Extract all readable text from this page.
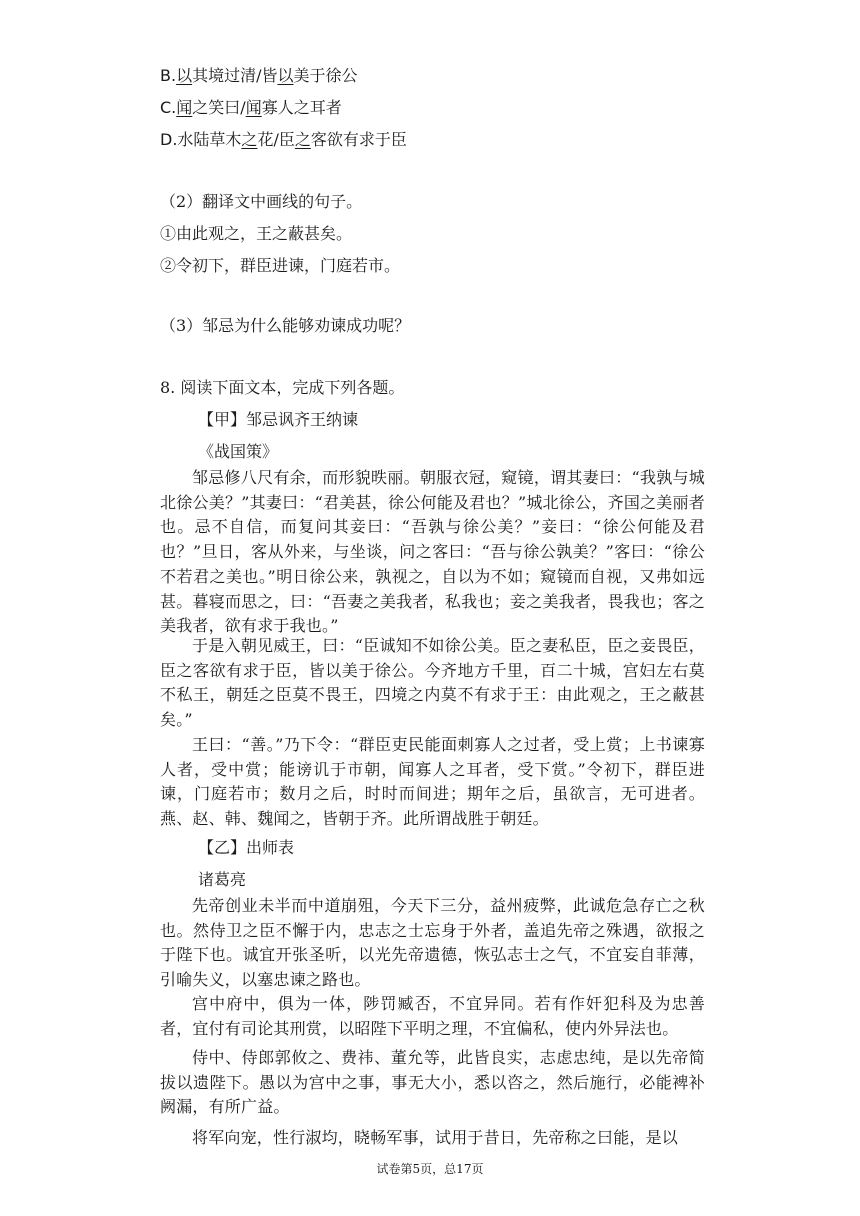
B.以其境过清/皆以美于徐公
C.闻之笑曰/闻寡人之耳者
D.水陆草木之花/臣之客欲有求于臣
（2）翻译文中画线的句子。
①由此观之，王之蔽甚矣。
②令初下，群臣进谏，门庭若市。
（3）邹忌为什么能够劝谏成功呢？
8. 阅读下面文本，完成下列各题。
【甲】邹忌讽齐王纳谏
《战国策》
邹忌修八尺有余，而形貌昳丽。朝服衣冠，窥镜，谓其妻曰：“我孰与城北徐公美？”其妻曰：“君美甚，徐公何能及君也？”城北徐公，齐国之美丽者也。忌不自信，而复问其妾曰：“吾孰与徐公美？”妾曰：“徐公何能及君也？”旦日，客从外来，与坐谈，问之客曰：“吾与徐公孰美？”客曰：“徐公不若君之美也。”明日徐公来，孰视之，自以为不如；窥镜而自视，又弗如远甚。暮寝而思之，曰：“吾妻之美我者，私我也；妾之美我者，畏我也；客之美我者，欲有求于我也。”
于是入朝见威王，曰：“臣诚知不如徐公美。臣之妻私臣，臣之妾畏臣，臣之客欲有求于臣，皆以美于徐公。今齐地方千里，百二十城，宫妇左右莫不私王，朝廷之臣莫不畏王，四境之内莫不有求于王：由此观之，王之蔽甚矣。”
王曰：“善。”乃下令：“群臣吏民能面刺寡人之过者，受上赏；上书谏寡人者，受中赏；能谤讥于市朝，闻寡人之耳者，受下赏。”令初下，群臣进谏，门庭若市；数月之后，时时而间进；期年之后，虽欲言，无可进者。燕、赵、韩、魏闻之，皆朝于齐。此所谓战胜于朝廷。
【乙】出师表
诸葛亮
先帝创业未半而中道崩殂，今天下三分，益州疲弊，此诚危急存亡之秋也。然侍卫之臣不懈于内，忠志之士忘身于外者，盖追先帝之殊遇，欲报之于陛下也。诚宜开张圣听，以光先帝遗德，恢弘志士之气，不宜妄自菲薄，引喻失义，以塞忠谏之路也。
宫中府中，俱为一体，陟罚臧否，不宜异同。若有作奸犯科及为忠善者，宜付有司论其刑赏，以昭陛下平明之理，不宜偏私，使内外异法也。
侍中、侍郎郭攸之、费祎、董允等，此皆良实，志虑忠纯，是以先帝简拔以遗陛下。愚以为宫中之事，事无大小，悉以咨之，然后施行，必能裨补阙漏，有所广益。
将军向宠，性行淑均，晓畅军事，试用于昔日，先帝称之曰能，是以
试卷第5页，总17页
